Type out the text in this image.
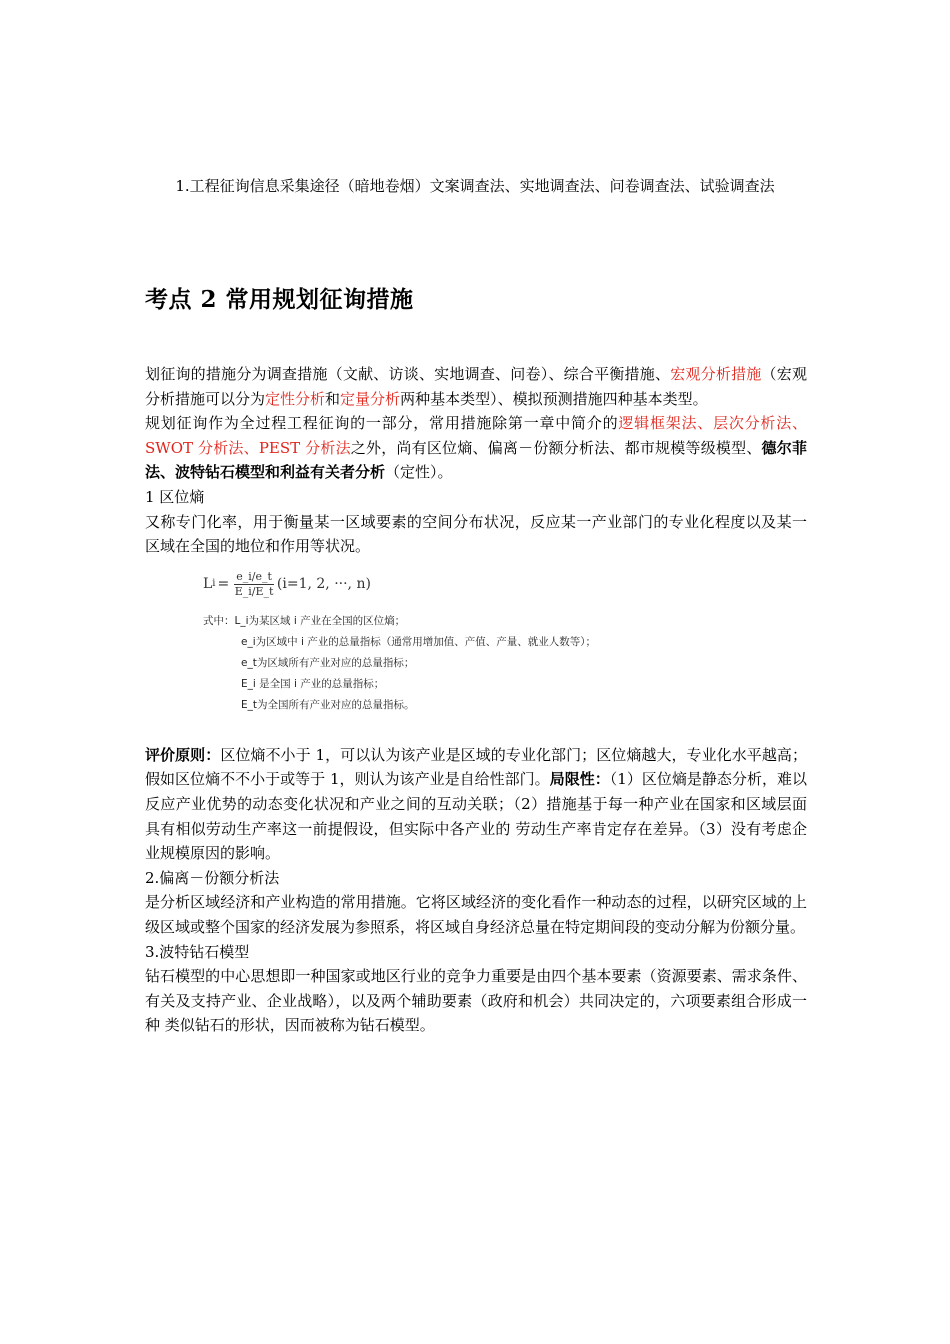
1.工程征询信息采集途径（暗地卷烟）文案调查法、实地调查法、问卷调查法、试验调查法
考点 2 常用规划征询措施

划征询的措施分为调查措施（文献、访谈、实地调查、问卷）、综合平衡措施、宏观分析措施（宏观分析措施可以分为定性分析和定量分析两种基本类型）、模拟预测措施四种基本类型。

规划征询作为全过程工程征询的一部分，常用措施除第一章中简介的逻辑框架法、层次分析法、SWOT 分析法、PEST 分析法之外，尚有区位熵、偏离－份额分析法、都市规模等级模型、德尔菲法、波特钻石模型和利益有关者分析（定性）。

1 区位熵

又称专门化率，用于衡量某一区域要素的空间分布状况，反应某一产业部门的专业化程度以及某一 区域在全国的地位和作用等状况。

L $i = \frac{e\_i/e\_t}{E\_i/E\_t} (i=1$, 2, ···, n)
式中：L_i为某区域 i 产业在全国的区位熵；
e_i为区域中 i 产业的总量指标（通常用增加值、产值、产量、就业人数等）；
e_t为区域所有产业对应的总量指标；
E_i 是全国 i 产业的总量指标；
E_t为全国所有产业对应的总量指标。

评价原则：区位熵不小于 1，可以认为该产业是区域的专业化部门；区位熵越大，专业化水平越高；假如区位熵不不小于或等于 1，则认为该产业是自给性部门。局限性：（1）区位熵是静态分析，难以反应产业优势的动态变化状况和产业之间的互动关联；（2）措施基于每一种产业在国家和区域层面具有相似劳动生产率这一前提假设，但实际中各产业的 劳动生产率肯定存在差异。（3）没有考虑企业规模原因的影响。

2.偏离－份额分析法

是分析区域经济和产业构造的常用措施。它将区域经济的变化看作一种动态的过程，以研究区域的上 级区域或整个国家的经济发展为参照系，将区域自身经济总量在特定期间段的变动分解为份额分量。

3.波特钻石模型

钻石模型的中心思想即一种国家或地区行业的竞争力重要是由四个基本要素（资源要素、需求条件、 有关及支持产业、企业战略），以及两个辅助要素（政府和机会）共同决定的，六项要素组合形成一种 类似钻石的形状，因而被称为钻石模型。
